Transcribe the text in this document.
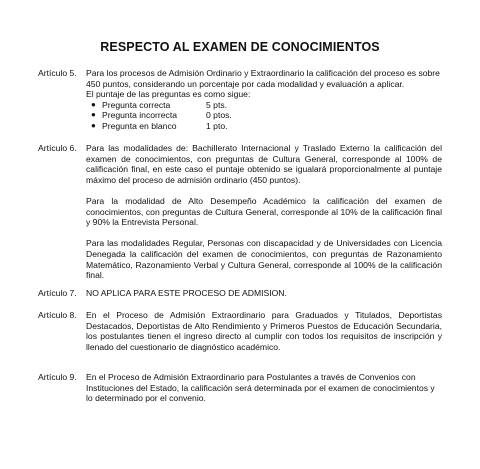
RESPECTO AL EXAMEN DE CONOCIMIENTOS
Artículo 5. Para los procesos de Admisión Ordinario y Extraordinario la calificación del proceso es sobre 450 puntos, considerando un porcentaje por cada modalidad y evaluación a aplicar.

El puntaje de las preguntas es como sigue:

● Pregunta correcta	5 pts.
● Pregunta incorrecta	0 ptos.
● Pregunta en blanco	1 pto.
Artículo 6. Para las modalidades de: Bachillerato Internacional y Traslado Externo la calificación del examen de conocimientos, con preguntas de Cultura General, corresponde al 100% de calificación final, en este caso el puntaje obtenido se igualará proporcionalmente al puntaje máximo del proceso de admisión ordinario (450 puntos).

Para la modalidad de Alto Desempeño Académico la calificación del examen de conocimientos, con preguntas de Cultura General, corresponde al 10% de la calificación final y 90% la Entrevista Personal.

Para las modalidades Regular, Personas con discapacidad y de Universidades con Licencia Denegada la calificación del examen de conocimientos, con preguntas de Razonamiento Matemático, Razonamiento Verbal y Cultura General, corresponde al 100% de la calificación final.

Artículo 7. NO APLICA PARA ESTE PROCESO DE ADMISION.

Artículo 8. En el Proceso de Admisión Extraordinario para Graduados y Titulados, Deportistas Destacados, Deportistas de Alto Rendimiento y Primeros Puestos de Educación Secundaria, los postulantes tienen el ingreso directo al cumplir con todos los requisitos de inscripción y llenado del cuestionario de diagnóstico académico.

Artículo 9. En el Proceso de Admisión Extraordinario para Postulantes a través de Convenios con Instituciones del Estado, la calificación será determinada por el examen de conocimientos y lo determinado por el convenio.
